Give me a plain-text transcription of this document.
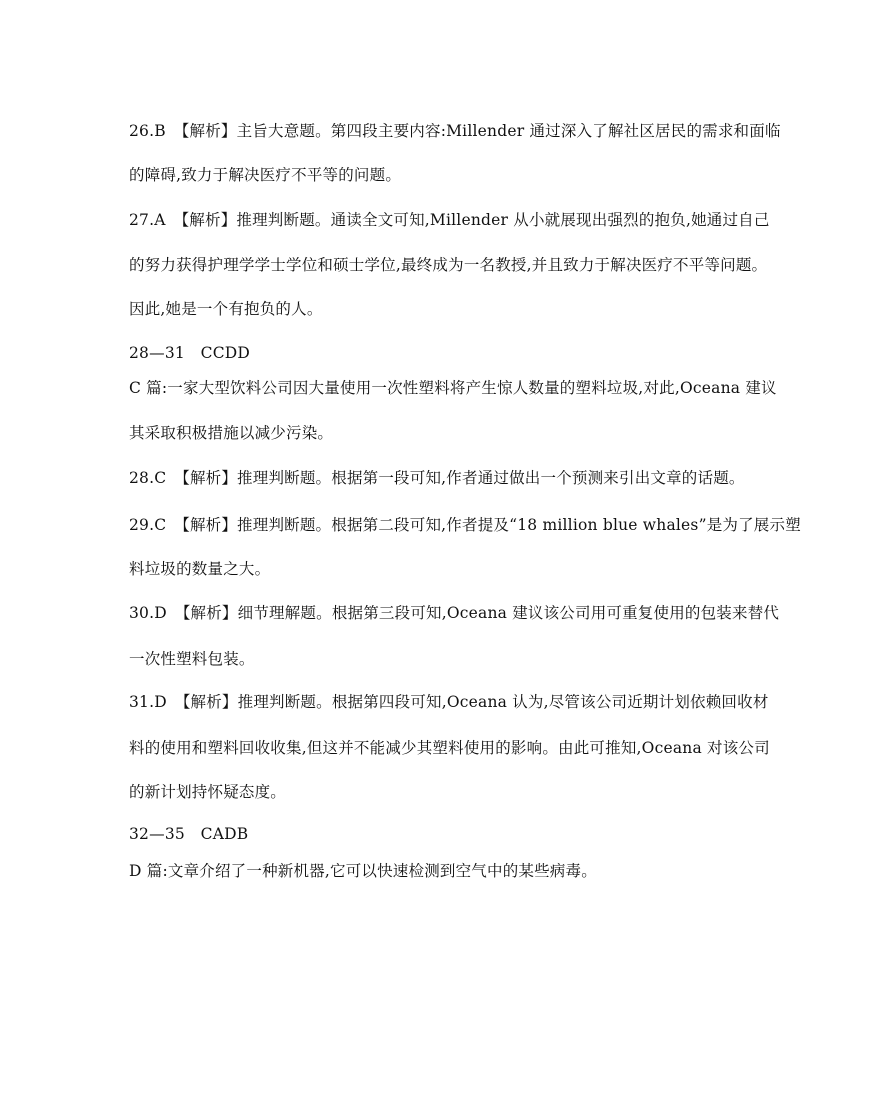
26.B　【解析】主旨大意题。第四段主要内容:Millender 通过深入了解社区居民的需求和面临
的障碍,致力于解决医疗不平等的问题。
27.A　【解析】推理判断题。通读全文可知,Millender 从小就展现出强烈的抱负,她通过自己
的努力获得护理学学士学位和硕士学位,最终成为一名教授,并且致力于解决医疗不平等问题。
因此,她是一个有抱负的人。
28—31　CCDD
C 篇:一家大型饮料公司因大量使用一次性塑料将产生惊人数量的塑料垃圾,对此,Oceana 建议
其采取积极措施以减少污染。
28.C　【解析】推理判断题。根据第一段可知,作者通过做出一个预测来引出文章的话题。
29.C　【解析】推理判断题。根据第二段可知,作者提及“18 million blue whales”是为了展示塑
料垃圾的数量之大。
30.D　【解析】细节理解题。根据第三段可知,Oceana 建议该公司用可重复使用的包装来替代
一次性塑料包装。
31.D　【解析】推理判断题。根据第四段可知,Oceana 认为,尽管该公司近期计划依赖回收材
料的使用和塑料回收收集,但这并不能减少其塑料使用的影响。由此可推知,Oceana 对该公司
的新计划持怀疑态度。
32—35　CADB
D 篇:文章介绍了一种新机器,它可以快速检测到空气中的某些病毒。
